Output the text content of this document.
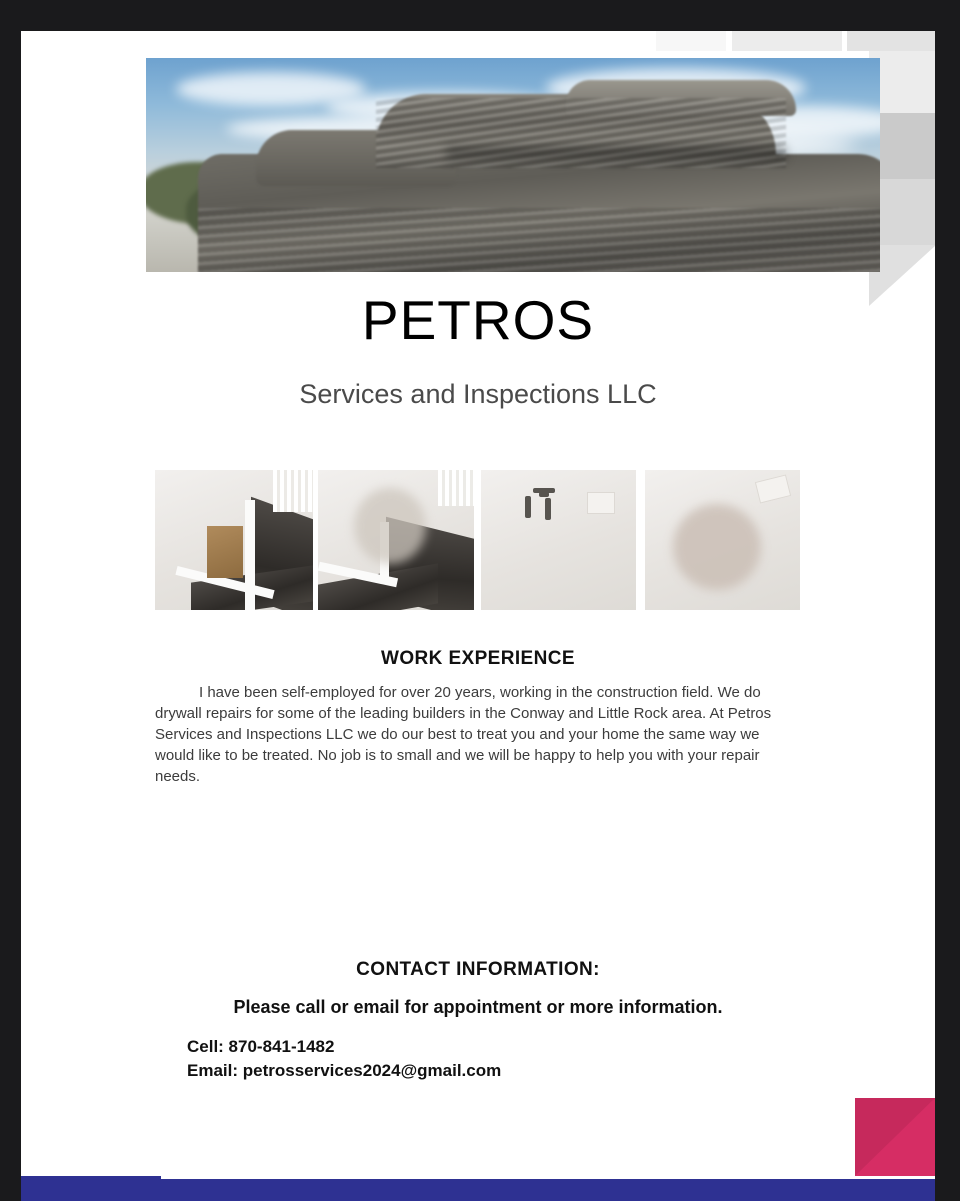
PETROS
Services and Inspections LLC
WORK EXPERIENCE
I have been self-employed for over 20 years, working in the construction field. We do drywall repairs for some of the leading builders in the Conway and Little Rock area. At Petros Services and Inspections LLC we do our best to treat you and your home the same way we would like to be treated. No job is to small and we will be happy to help you with your repair needs.
CONTACT INFORMATION:
Please call or email for appointment or more information.
Cell: 870-841-1482
Email: petrosservices2024@gmail.com
